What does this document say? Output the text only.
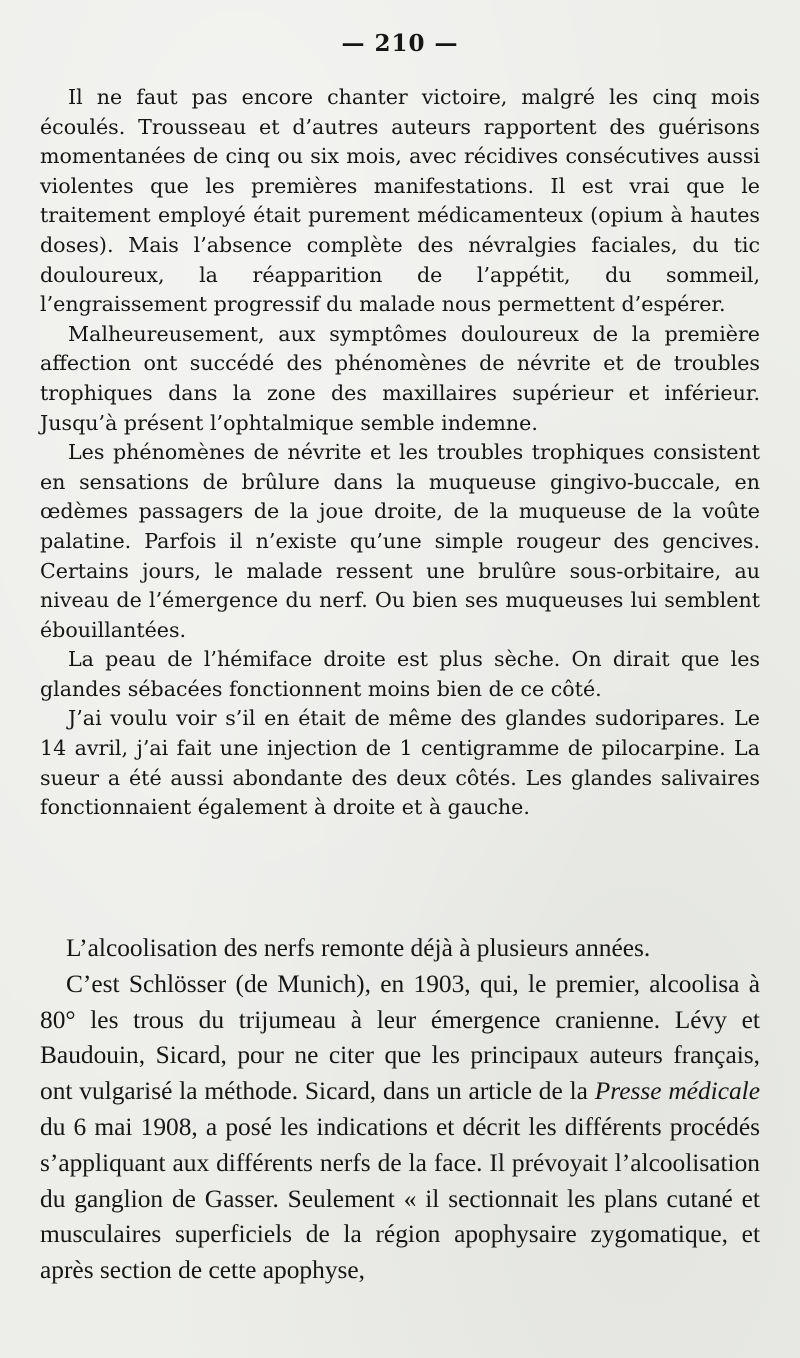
— 210 —

Il ne faut pas encore chanter victoire, malgré les cinq mois écoulés. Trousseau et d’autres auteurs rapportent des guérisons momentanées de cinq ou six mois, avec récidives consécutives aussi violentes que les premières manifestations. Il est vrai que le traitement employé était purement médicamenteux (opium à hautes doses). Mais l’absence complète des névralgies faciales, du tic douloureux, la réapparition de l’appétit, du sommeil, l’engraissement progressif du malade nous permettent d’espérer.

Malheureusement, aux symptômes douloureux de la première affection ont succédé des phénomènes de névrite et de troubles trophiques dans la zone des maxillaires supérieur et inférieur. Jusqu’à présent l’ophtalmique semble indemne.

Les phénomènes de névrite et les troubles trophiques consistent en sensations de brûlure dans la muqueuse gingivo-buccale, en œdèmes passagers de la joue droite, de la muqueuse de la voûte palatine. Parfois il n’existe qu’une simple rougeur des gencives. Certains jours, le malade ressent une brulûre sous-orbitaire, au niveau de l’émergence du nerf. Ou bien ses muqueuses lui semblent ébouillantées.

La peau de l’hémiface droite est plus sèche. On dirait que les glandes sébacées fonctionnent moins bien de ce côté.

J’ai voulu voir s’il en était de même des glandes sudoripares. Le 14 avril, j’ai fait une injection de 1 centigramme de pilocarpine. La sueur a été aussi abondante des deux côtés. Les glandes salivaires fonctionnaient également à droite et à gauche.

L’alcoolisation des nerfs remonte déjà à plusieurs années.

C’est Schlösser (de Munich), en 1903, qui, le premier, alcoolisa à 80° les trous du trijumeau à leur émergence cranienne. Lévy et Baudouin, Sicard, pour ne citer que les principaux auteurs français, ont vulgarisé la méthode. Sicard, dans un article de la Presse médicale du 6 mai 1908, a posé les indications et décrit les différents procédés s’appliquant aux différents nerfs de la face. Il prévoyait l’alcoolisation du ganglion de Gasser. Seulement « il sectionnait les plans cutané et musculaires superficiels de la région apophysaire zygomatique, et après section de cette apophyse,
